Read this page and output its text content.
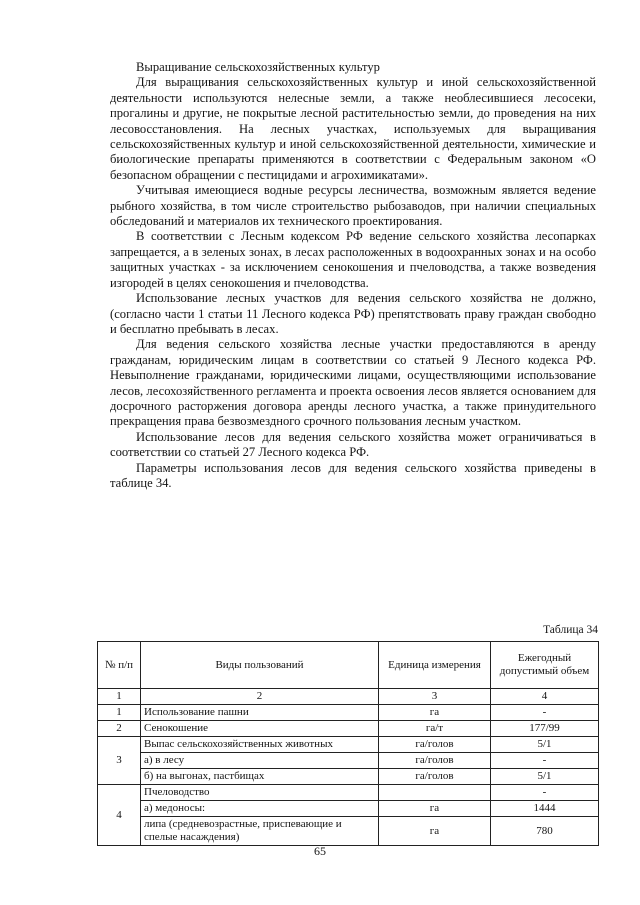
Выращивание сельскохозяйственных культур

Для выращивания сельскохозяйственных культур и иной сельскохозяйственной деятельности используются нелесные земли, а также необлесившиеся лесосеки, прогалины и другие, не покрытые лесной растительностью земли, до проведения на них лесовосстановления. На лесных участках, используемых для выращивания сельскохозяйственных культур и иной сельскохозяйственной деятельности, химические и биологические препараты применяются в соответствии с Федеральным законом «О безопасном обращении с пестицидами и агрохимикатами».

Учитывая имеющиеся водные ресурсы лесничества, возможным является ведение рыбного хозяйства, в том числе строительство рыбозаводов, при наличии специальных обследований и материалов их технического проектирования.

В соответствии с Лесным кодексом РФ ведение сельского хозяйства лесопарках запрещается, а в зеленых зонах, в лесах расположенных в водоохранных зонах и на особо защитных участках - за исключением сенокошения и пчеловодства, а также возведения изгородей в целях сенокошения и пчеловодства.

Использование лесных участков для ведения сельского хозяйства не должно, (согласно части 1 статьи 11 Лесного кодекса РФ) препятствовать праву граждан свободно и бесплатно пребывать в лесах.

Для ведения сельского хозяйства лесные участки предоставляются в аренду гражданам, юридическим лицам в соответствии со статьей 9 Лесного кодекса РФ. Невыполнение гражданами, юридическими лицами, осуществляющими использование лесов, лесохозяйственного регламента и проекта освоения лесов является основанием для досрочного расторжения договора аренды лесного участка, а также принудительного прекращения права безвозмездного срочного пользования лесным участком.

Использование лесов для ведения сельского хозяйства может ограничиваться в соответствии со статьей 27 Лесного кодекса РФ.

Параметры использования лесов для ведения сельского хозяйства приведены в таблице 34.

Таблица 34
№ п/п	Виды пользований	Единица измерения	Ежегодный допустимый объем
1	2	3	4
1	Использование пашни	га	-
2	Сенокошение	га/т	177/99
3	Выпас сельскохозяйственных животных	га/голов	5/1
	а) в лесу	га/голов	-
	б) на выгонах, пастбищах	га/голов	5/1
4	Пчеловодство		-
	а) медоносы:	га	1444
	липа (средневозрастные, приспевающие и спелые насаждения)	га	780
65
